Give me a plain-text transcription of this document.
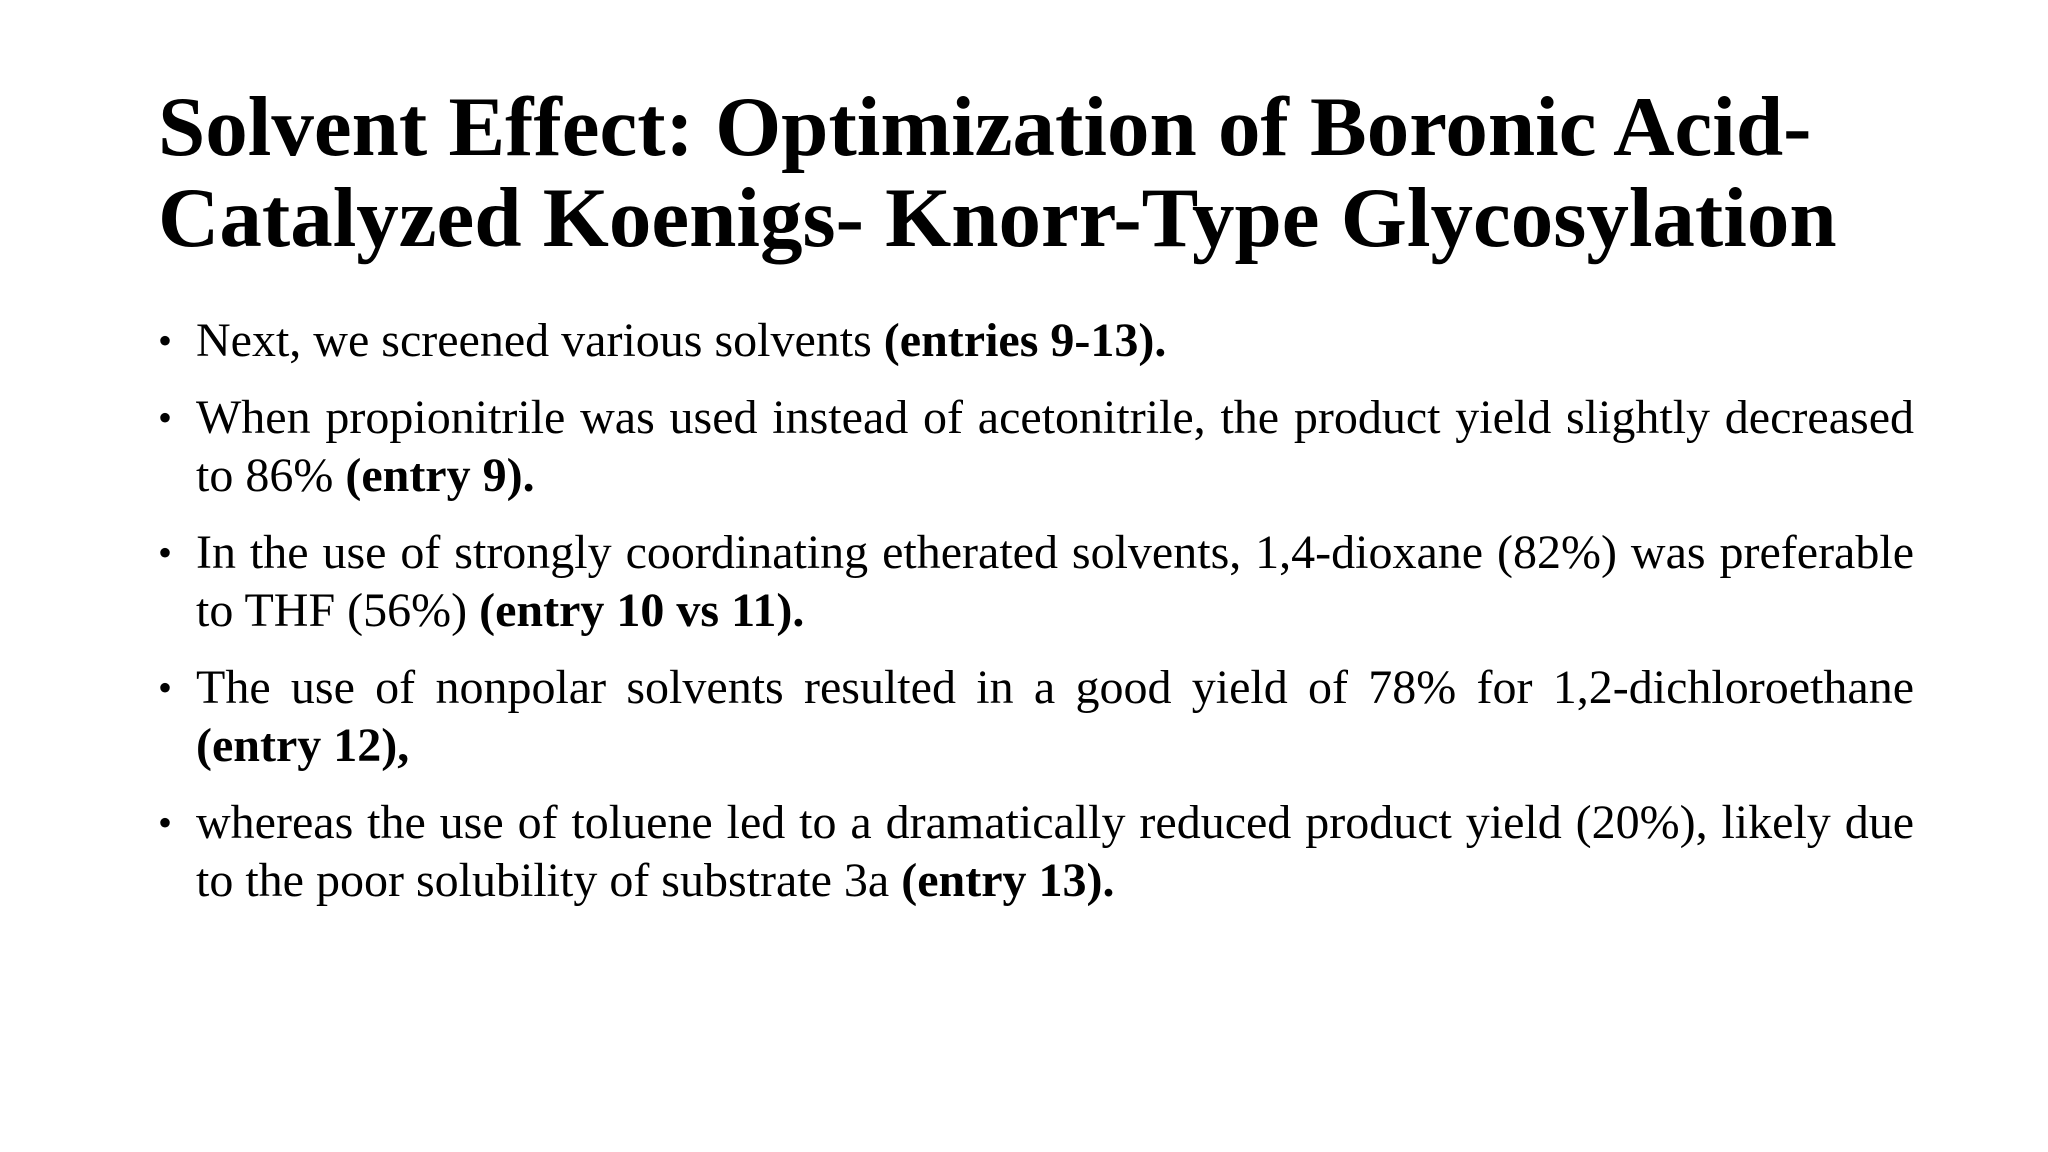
Solvent Effect: Optimization of Boronic Acid-
Catalyzed Koenigs- Knorr-Type Glycosylation
• Next, we screened various solvents (entries 9-13).
• When propionitrile was used instead of acetonitrile, the product yield slightly decreased to 86% (entry 9).
• In the use of strongly coordinating etherated solvents, 1,4-dioxane (82%) was preferable to THF (56%) (entry 10 vs 11).
• The use of nonpolar solvents resulted in a good yield of 78% for 1,2-dichloroethane (entry 12),
• whereas the use of toluene led to a dramatically reduced product yield (20%), likely due to the poor solubility of substrate 3a (entry 13).
